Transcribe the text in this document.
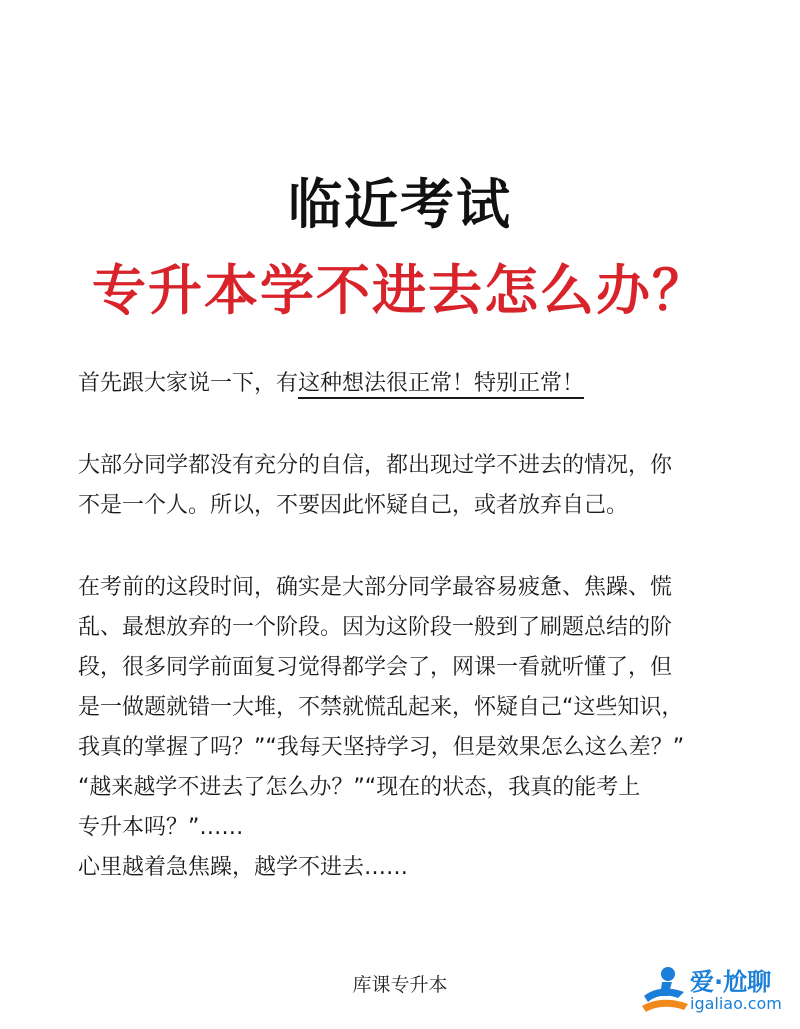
临近考试
专升本学不进去怎么办？
首先跟大家说一下，有这种想法很正常！特别正常！
大部分同学都没有充分的自信，都出现过学不进去的情况，你
不是一个人。所以，不要因此怀疑自己，或者放弃自己。
在考前的这段时间，确实是大部分同学最容易疲惫、焦躁、慌
乱、最想放弃的一个阶段。因为这阶段一般到了刷题总结的阶
段，很多同学前面复习觉得都学会了，网课一看就听懂了，但
是一做题就错一大堆，不禁就慌乱起来，怀疑自己“这些知识，
我真的掌握了吗？”“我每天坚持学习，但是效果怎么这么差？”
“越来越学不进去了怎么办？”“现在的状态，我真的能考上
专升本吗？”……
心里越着急焦躁，越学不进去……
库课专升本	爱·尬聊
igaliao.com
